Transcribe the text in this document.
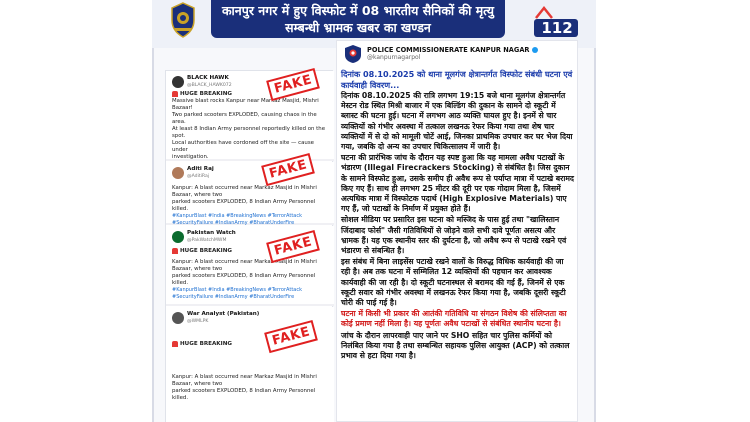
कानपुर नगर में हुए विस्फोट में 08 भारतीय सैनिकों की मृत्यु
सम्बन्धी भ्रामक खबर का खण्डन	112
BLACK HAWK
@BLACK_HAWK072
HUGE BREAKING
Massive blast rocks Kanpur near Markaz Masjid, Mishri Bazaar!
Two parked scooters EXPLODED, causing chaos in the area.
At least 8 Indian Army personnel reportedly killed on the spot.
Local authorities have cordoned off the site — cause under
investigation.
Aditi Raj
@AditiRaj
Kanpur: A blast occurred near Markaz Masjid in Mishri Bazaar, where two
parked scooters EXPLODED, 8 Indian Army Personnel killed.
#KanpurBlast #India #BreakingNews #TerrorAttack #SecurityFailure #IndianArmy #BharatUnderFire
Pakistan Watch
@PakWatchMWM
HUGE BREAKING
Kanpur: A blast occurred near Markaz Masjid in Mishri Bazaar, where two
parked scooters EXPLODED, 8 Indian Army Personnel killed.
#KanpurBlast #India #BreakingNews #TerrorAttack #SecurityFailure #IndianArmy #BharatUnderFire
War Analyst (Pakistan)
@WMLPK
HUGE BREAKING
Kanpur: A blast occurred near Markaz Masjid in Mishri Bazaar, where two
parked scooters EXPLODED, 8 Indian Army Personnel killed.
FAKE
FAKE
FAKE
FAKE
POLICE COMMISSIONERATE KANPUR NAGAR
@kanpurnagarpol
दिनांक 08.10.2025 को थाना मूलगंज क्षेत्रान्तर्गत विस्फोट संबंधी घटना एवं कार्यवाही विवरण...
दिनांक 08.10.2025 की रात्रि लगभग 19:15 बजे थाना मूलगंज क्षेत्रान्तर्गत मेस्टन रोड स्थित मिश्री बाजार में एक बिल्डिंग की दुकान के सामने दो स्कूटी में ब्लास्ट की घटना हुई। घटना में लगभग आठ व्यक्ति घायल हुए है। इनमें से चार व्यक्तियों को गंभीर अवस्था में तत्काल लखनऊ रेफर किया गया तथा शेष चार व्यक्तियों में से दो को मामूली चोटें आई, जिनका प्राथमिक उपचार कर घर भेज दिया गया, जबकि दो अन्य का उपचार चिकित्सालय में जारी है।
घटना की प्रारंभिक जांच के दौरान यह स्पष्ट हुआ कि यह मामला अवैध पटाखों के भंडारण (Illegal Firecrackers Stocking) से संबंधित है। जिस दुकान के सामने विस्फोट हुआ, उसके समीप ही अवैध रूप से पर्याप्त मात्रा में पटाखे बरामद किए गए हैं। साथ ही लगभग 25 मीटर की दूरी पर एक गोदाम मिला है, जिसमें अत्यधिक मात्रा में विस्फोटक पदार्थ (High Explosive Materials) पाए गए हैं, जो पटाखों के निर्माण में प्रयुक्त होते हैं।
सोशल मीडिया पर प्रसारित इस घटना को मस्जिद के पास हुई तथा "खालिस्तान जिंदाबाद फोर्स" जैसी गतिविधियों से जोड़ने वाले सभी दावे पूर्णतः असत्य और भ्रामक हैं। यह एक स्थानीय स्तर की दुर्घटना है, जो अवैध रूप से पटाखे रखने एवं भंडारण से संबन्धित है।
इस संबंध में बिना लाइसेंस पटाखे रखने वालों के विरुद्ध विधिक कार्यवाही की जा रही है। अब तक घटना में सम्मिलित 12 व्यक्तियों की पहचान कर आवश्यक कार्यवाही की जा रही है। दो स्कूटी घटनास्थल से बरामद की गई हैं, जिनमें से एक स्कूटी सवार को गंभीर अवस्था में लखनऊ रेफर किया गया है, जबकि दूसरी स्कूटी चोरी की पाई गई है।
घटना में किसी भी प्रकार की आतंकी गतिविधि या संगठन विशेष की संलिप्तता का कोई प्रमाण नहीं मिला है। यह पूर्णतः अवैध पटाखों से संबंधित स्थानीय घटना है।
जांच के दौरान लापरवाही पाए जाने पर SHO सहित चार पुलिस कर्मियों को निलंबित किया गया है तथा सम्बन्धित सहायक पुलिस आयुक्त (ACP) को तत्काल प्रभाव से हटा दिया गया है।
